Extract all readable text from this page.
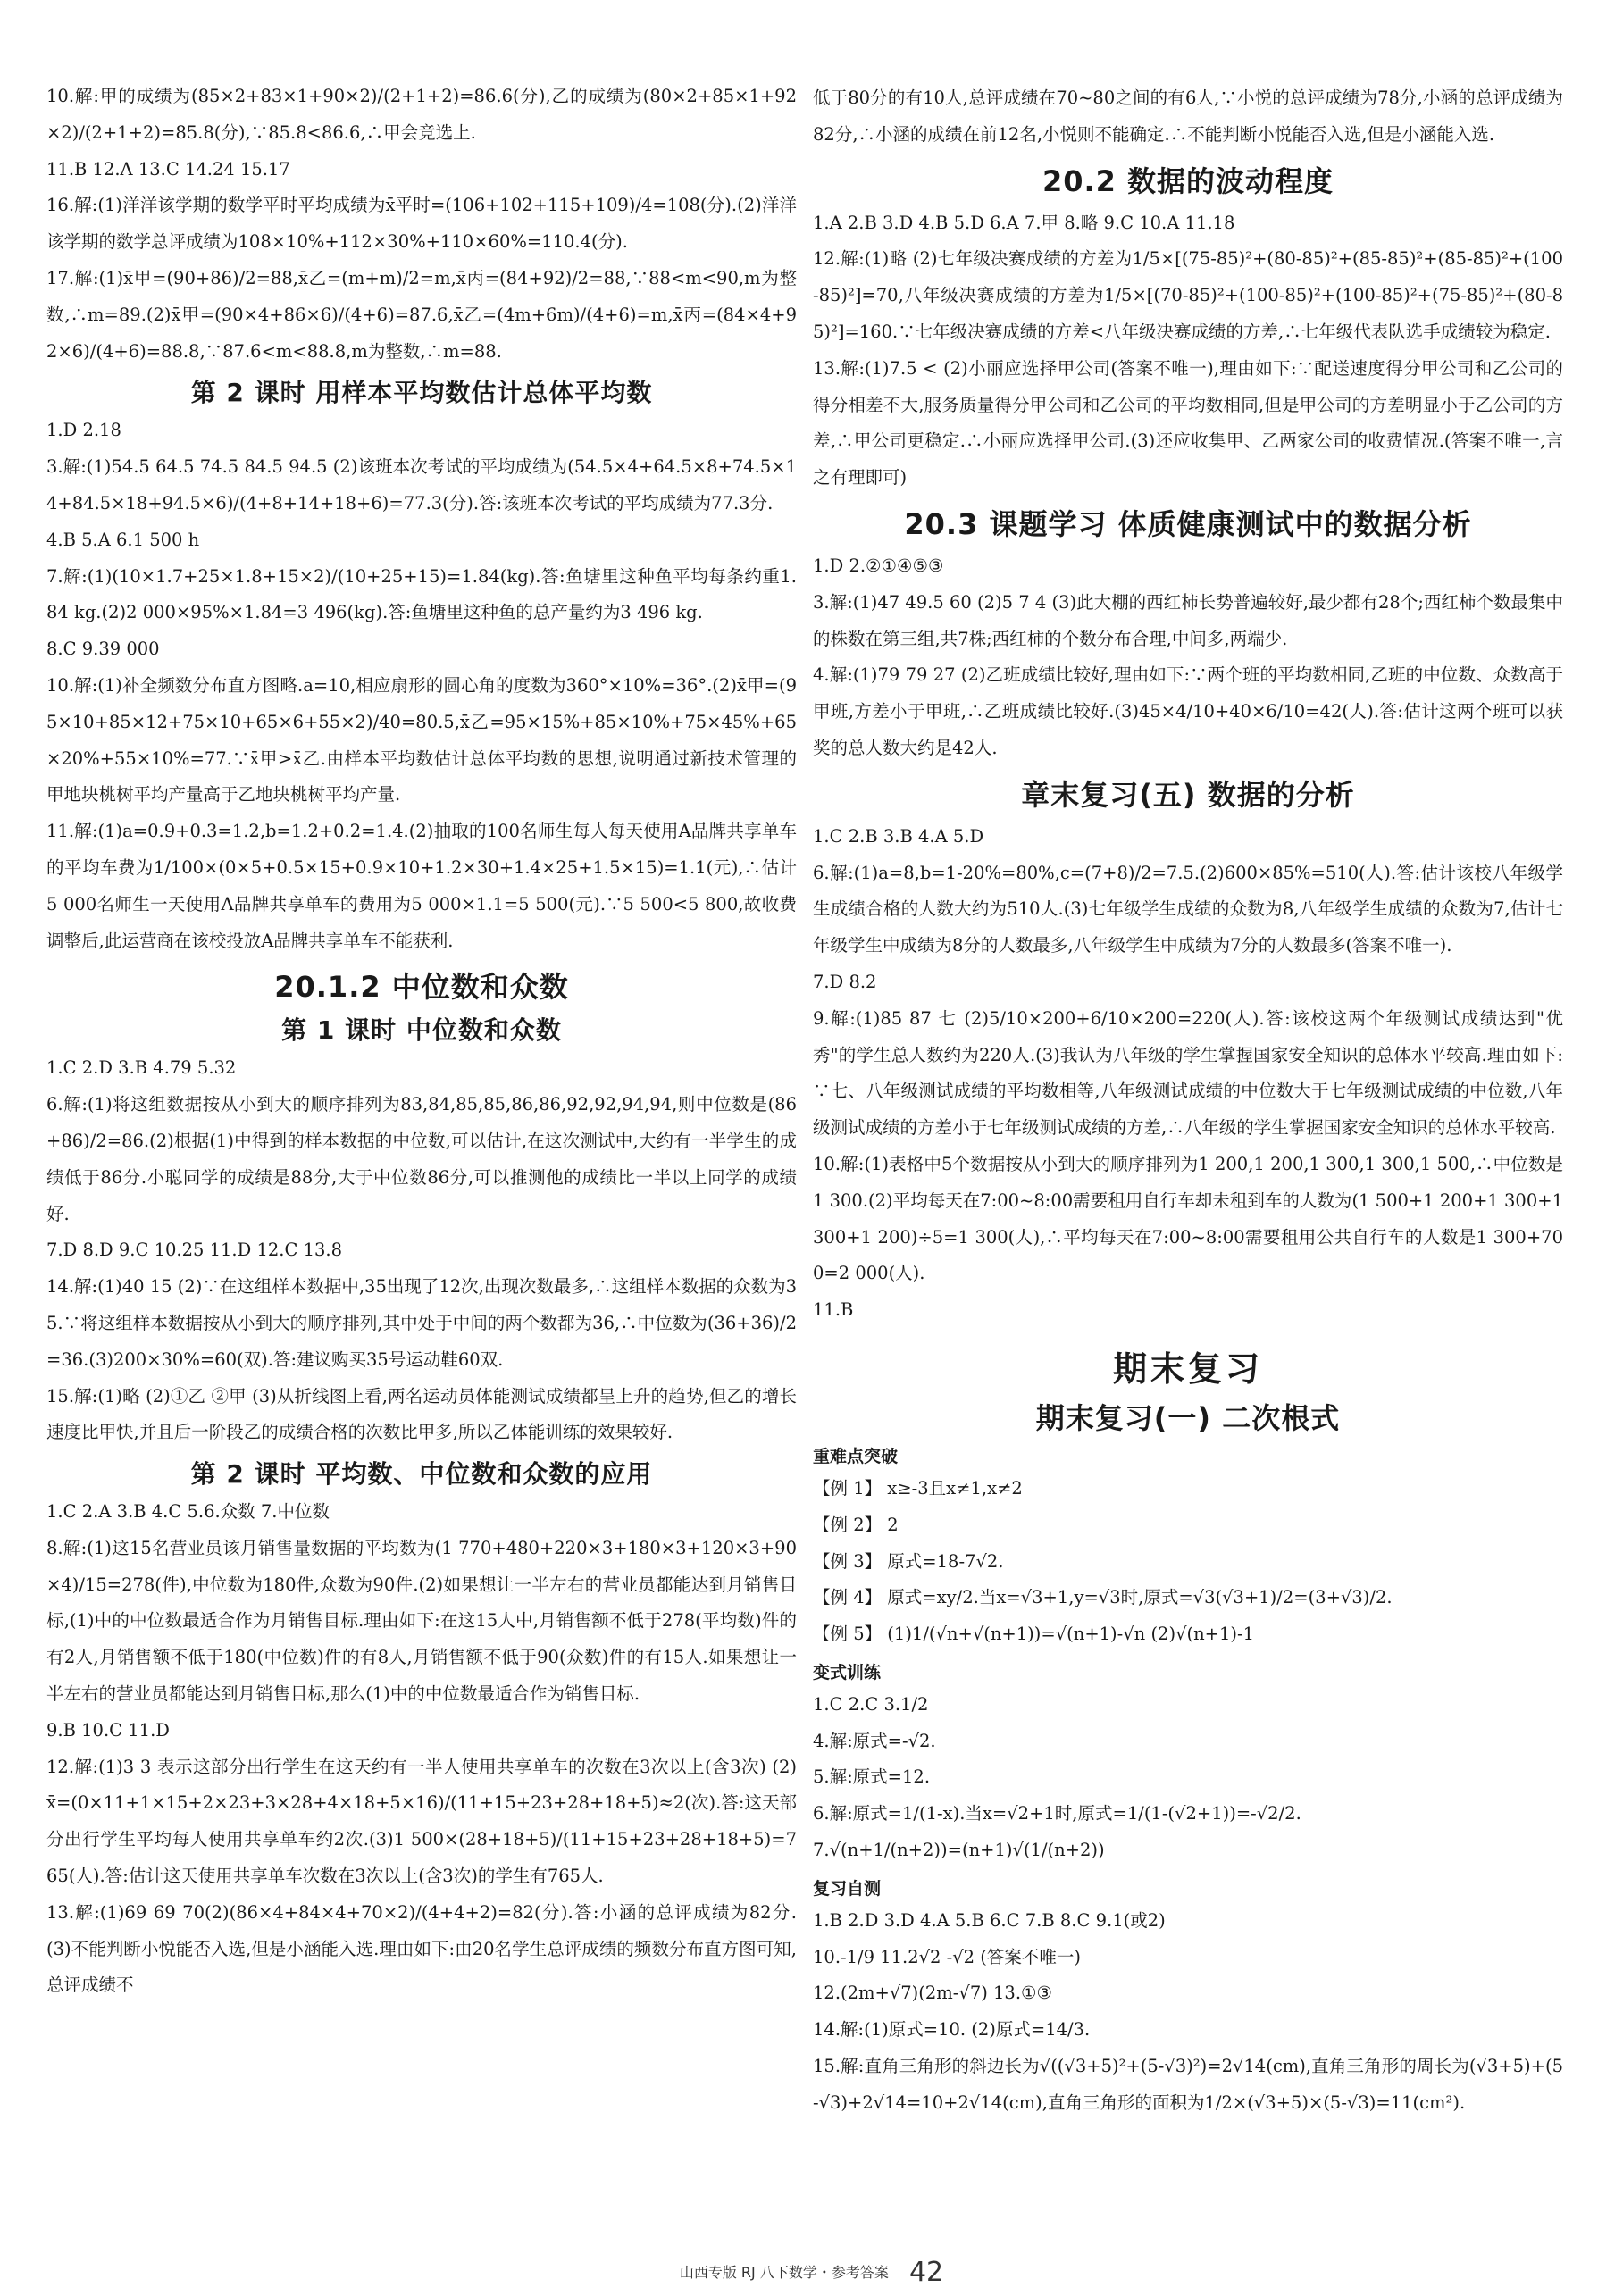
10.解:甲的成绩为(85×2+83×1+90×2)/(2+1+2)=86.6(分),乙的成绩为(80×2+85×1+92×2)/(2+1+2)=85.8(分),∵85.8<86.6,∴甲会竞选上.
11.B 12.A 13.C 14.24 15.17
16.解:(1)洋洋该学期的数学平时平均成绩为x̄平时=(106+102+115+109)/4=108(分).(2)洋洋该学期的数学总评成绩为108×10%+112×30%+110×60%=110.4(分).
17.解:(1)x̄甲=(90+86)/2=88,x̄乙=(m+m)/2=m,x̄丙=(84+92)/2=88,∵88<m<90,m为整数,∴m=89.(2)x̄甲=(90×4+86×6)/(4+6)=87.6,x̄乙=(4m+6m)/(4+6)=m,x̄丙=(84×4+92×6)/(4+6)=88.8,∵87.6<m<88.8,m为整数,∴m=88.
第 2 课时 用样本平均数估计总体平均数
1.D 2.18
3.解:(1)54.5 64.5 74.5 84.5 94.5 (2)该班本次考试的平均成绩为(54.5×4+64.5×8+74.5×14+84.5×18+94.5×6)/(4+8+14+18+6)=77.3(分).答:该班本次考试的平均成绩为77.3分.
4.B 5.A 6.1 500 h
7.解:(1)(10×1.7+25×1.8+15×2)/(10+25+15)=1.84(kg).答:鱼塘里这种鱼平均每条约重1.84 kg.(2)2 000×95%×1.84=3 496(kg).答:鱼塘里这种鱼的总产量约为3 496 kg.
8.C 9.39 000
10.解:(1)补全频数分布直方图略.a=10,相应扇形的圆心角的度数为360°×10%=36°.(2)x̄甲=(95×10+85×12+75×10+65×6+55×2)/40=80.5,x̄乙=95×15%+85×10%+75×45%+65×20%+55×10%=77.∵x̄甲>x̄乙.由样本平均数估计总体平均数的思想,说明通过新技术管理的甲地块桃树平均产量高于乙地块桃树平均产量.
11.解:(1)a=0.9+0.3=1.2,b=1.2+0.2=1.4.(2)抽取的100名师生每人每天使用A品牌共享单车的平均车费为1/100×(0×5+0.5×15+0.9×10+1.2×30+1.4×25+1.5×15)=1.1(元),∴估计5 000名师生一天使用A品牌共享单车的费用为5 000×1.1=5 500(元).∵5 500<5 800,故收费调整后,此运营商在该校投放A品牌共享单车不能获利.
20.1.2 中位数和众数
第 1 课时 中位数和众数
1.C 2.D 3.B 4.79 5.32
6.解:(1)将这组数据按从小到大的顺序排列为83,84,85,85,86,86,92,92,94,94,则中位数是(86+86)/2=86.(2)根据(1)中得到的样本数据的中位数,可以估计,在这次测试中,大约有一半学生的成绩低于86分.小聪同学的成绩是88分,大于中位数86分,可以推测他的成绩比一半以上同学的成绩好.
7.D 8.D 9.C 10.25 11.D 12.C 13.8
14.解:(1)40 15 (2)∵在这组样本数据中,35出现了12次,出现次数最多,∴这组样本数据的众数为35.∵将这组样本数据按从小到大的顺序排列,其中处于中间的两个数都为36,∴中位数为(36+36)/2=36.(3)200×30%=60(双).答:建议购买35号运动鞋60双.
15.解:(1)略 (2)①乙 ②甲 (3)从折线图上看,两名运动员体能测试成绩都呈上升的趋势,但乙的增长速度比甲快,并且后一阶段乙的成绩合格的次数比甲多,所以乙体能训练的效果较好.
第 2 课时 平均数、中位数和众数的应用
1.C 2.A 3.B 4.C 5.6.众数 7.中位数
8.解:(1)这15名营业员该月销售量数据的平均数为(1 770+480+220×3+180×3+120×3+90×4)/15=278(件),中位数为180件,众数为90件.(2)如果想让一半左右的营业员都能达到月销售目标,(1)中的中位数最适合作为月销售目标.理由如下:在这15人中,月销售额不低于278(平均数)件的有2人,月销售额不低于180(中位数)件的有8人,月销售额不低于90(众数)件的有15人.如果想让一半左右的营业员都能达到月销售目标,那么(1)中的中位数最适合作为销售目标.
9.B 10.C 11.D
12.解:(1)3 3 表示这部分出行学生在这天约有一半人使用共享单车的次数在3次以上(含3次) (2)x̄=(0×11+1×15+2×23+3×28+4×18+5×16)/(11+15+23+28+18+5)≈2(次).答:这天部分出行学生平均每人使用共享单车约2次.(3)1 500×(28+18+5)/(11+15+23+28+18+5)=765(人).答:估计这天使用共享单车次数在3次以上(含3次)的学生有765人.
13.解:(1)69 69 70(2)(86×4+84×4+70×2)/(4+4+2)=82(分).答:小涵的总评成绩为82分.(3)不能判断小悦能否入选,但是小涵能入选.理由如下:由20名学生总评成绩的频数分布直方图可知,总评成绩不
低于80分的有10人,总评成绩在70~80之间的有6人,∵小悦的总评成绩为78分,小涵的总评成绩为82分,∴小涵的成绩在前12名,小悦则不能确定.∴不能判断小悦能否入选,但是小涵能入选.
20.2 数据的波动程度
1.A 2.B 3.D 4.B 5.D 6.A 7.甲 8.略 9.C 10.A 11.18
12.解:(1)略 (2)七年级决赛成绩的方差为1/5×[(75-85)²+(80-85)²+(85-85)²+(85-85)²+(100-85)²]=70,八年级决赛成绩的方差为1/5×[(70-85)²+(100-85)²+(100-85)²+(75-85)²+(80-85)²]=160.∵七年级决赛成绩的方差<八年级决赛成绩的方差,∴七年级代表队选手成绩较为稳定.
13.解:(1)7.5 < (2)小丽应选择甲公司(答案不唯一),理由如下:∵配送速度得分甲公司和乙公司的得分相差不大,服务质量得分甲公司和乙公司的平均数相同,但是甲公司的方差明显小于乙公司的方差,∴甲公司更稳定.∴小丽应选择甲公司.(3)还应收集甲、乙两家公司的收费情况.(答案不唯一,言之有理即可)
20.3 课题学习 体质健康测试中的数据分析
1.D 2.②①④⑤③
3.解:(1)47 49.5 60 (2)5 7 4 (3)此大棚的西红柿长势普遍较好,最少都有28个;西红柿个数最集中的株数在第三组,共7株;西红柿的个数分布合理,中间多,两端少.
4.解:(1)79 79 27 (2)乙班成绩比较好,理由如下:∵两个班的平均数相同,乙班的中位数、众数高于甲班,方差小于甲班,∴乙班成绩比较好.(3)45×4/10+40×6/10=42(人).答:估计这两个班可以获奖的总人数大约是42人.
章末复习(五) 数据的分析
1.C 2.B 3.B 4.A 5.D
6.解:(1)a=8,b=1-20%=80%,c=(7+8)/2=7.5.(2)600×85%=510(人).答:估计该校八年级学生成绩合格的人数大约为510人.(3)七年级学生成绩的众数为8,八年级学生成绩的众数为7,估计七年级学生中成绩为8分的人数最多,八年级学生中成绩为7分的人数最多(答案不唯一).
7.D 8.2
9.解:(1)85 87 七 (2)5/10×200+6/10×200=220(人).答:该校这两个年级测试成绩达到"优秀"的学生总人数约为220人.(3)我认为八年级的学生掌握国家安全知识的总体水平较高.理由如下:∵七、八年级测试成绩的平均数相等,八年级测试成绩的中位数大于七年级测试成绩的中位数,八年级测试成绩的方差小于七年级测试成绩的方差,∴八年级的学生掌握国家安全知识的总体水平较高.
10.解:(1)表格中5个数据按从小到大的顺序排列为1 200,1 200,1 300,1 300,1 500,∴中位数是1 300.(2)平均每天在7:00~8:00需要租用自行车却未租到车的人数为(1 500+1 200+1 300+1 300+1 200)÷5=1 300(人),∴平均每天在7:00~8:00需要租用公共自行车的人数是1 300+700=2 000(人).
11.B
期末复习
期末复习(一) 二次根式
重难点突破
【例 1】 x≥-3且x≠1,x≠2
【例 2】 2
【例 3】 原式=18-7√2.
【例 4】 原式=xy/2.当x=√3+1,y=√3时,原式=√3(√3+1)/2=(3+√3)/2.
【例 5】 (1)1/(√n+√(n+1))=√(n+1)-√n (2)√(n+1)-1
变式训练
1.C 2.C 3.1/2
4.解:原式=-√2.
5.解:原式=12.
6.解:原式=1/(1-x).当x=√2+1时,原式=1/(1-(√2+1))=-√2/2.
7.√(n+1/(n+2))=(n+1)√(1/(n+2))
复习自测
1.B 2.D 3.D 4.A 5.B 6.C 7.B 8.C 9.1(或2)
10.-1/9 11.2√2 -√2 (答案不唯一)
12.(2m+√7)(2m-√7) 13.①③
14.解:(1)原式=10. (2)原式=14/3.
15.解:直角三角形的斜边长为√((√3+5)²+(5-√3)²)=2√14(cm),直角三角形的周长为(√3+5)+(5-√3)+2√14=10+2√14(cm),直角三角形的面积为1/2×(√3+5)×(5-√3)=11(cm²).
山西专版 RJ 八下数学・参考答案 42
